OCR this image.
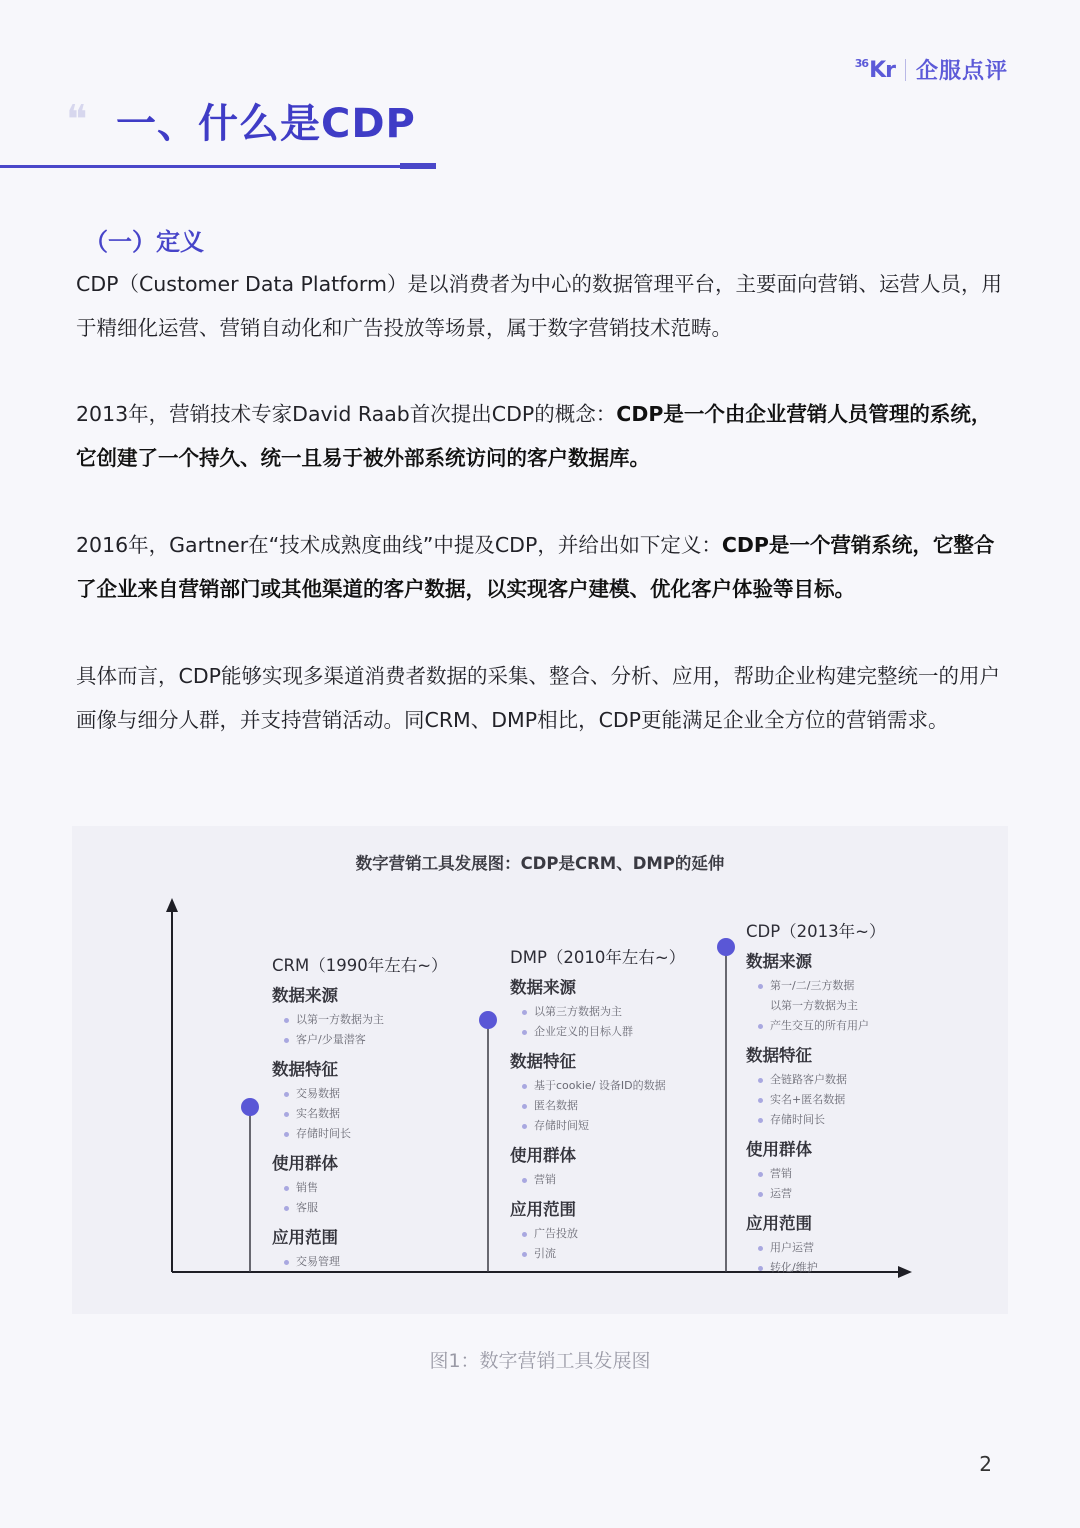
$^{36}$Kr 企服点评
❝ 一、什么是CDP
（一）定义

CDP（Customer Data Platform）是以消费者为中心的数据管理平台，主要面向营销、运营人员，用于精细化运营、营销自动化和广告投放等场景，属于数字营销技术范畴。

2013年，营销技术专家David Raab首次提出CDP的概念：CDP是一个由企业营销人员管理的系统，它创建了一个持久、统一且易于被外部系统访问的客户数据库。

2016年，Gartner在“技术成熟度曲线”中提及CDP，并给出如下定义：CDP是一个营销系统，它整合了企业来自营销部门或其他渠道的客户数据，以实现客户建模、优化客户体验等目标。

具体而言，CDP能够实现多渠道消费者数据的采集、整合、分析、应用，帮助企业构建完整统一的用户画像与细分人群，并支持营销活动。同CRM、DMP相比，CDP更能满足企业全方位的营销需求。

数字营销工具发展图：CDP是CRM、DMP的延伸

CRM（1990年左右~）

数据来源

以第一方数据为主
客户/少量潜客

数据特征

交易数据
实名数据
存储时间长

使用群体

销售
客服

应用范围

交易管理

DMP（2010年左右~）

数据来源

以第三方数据为主
企业定义的目标人群

数据特征

基于cookie/ 设备ID的数据
匿名数据
存储时间短

使用群体

营销

应用范围

广告投放
引流

CDP（2013年~）

数据来源

第一/二/三方数据
以第一方数据为主
产生交互的所有用户

数据特征

全链路客户数据
实名+匿名数据
存储时间长

使用群体

营销
运营

应用范围

用户运营
转化/维护

图1：数字营销工具发展图

2
